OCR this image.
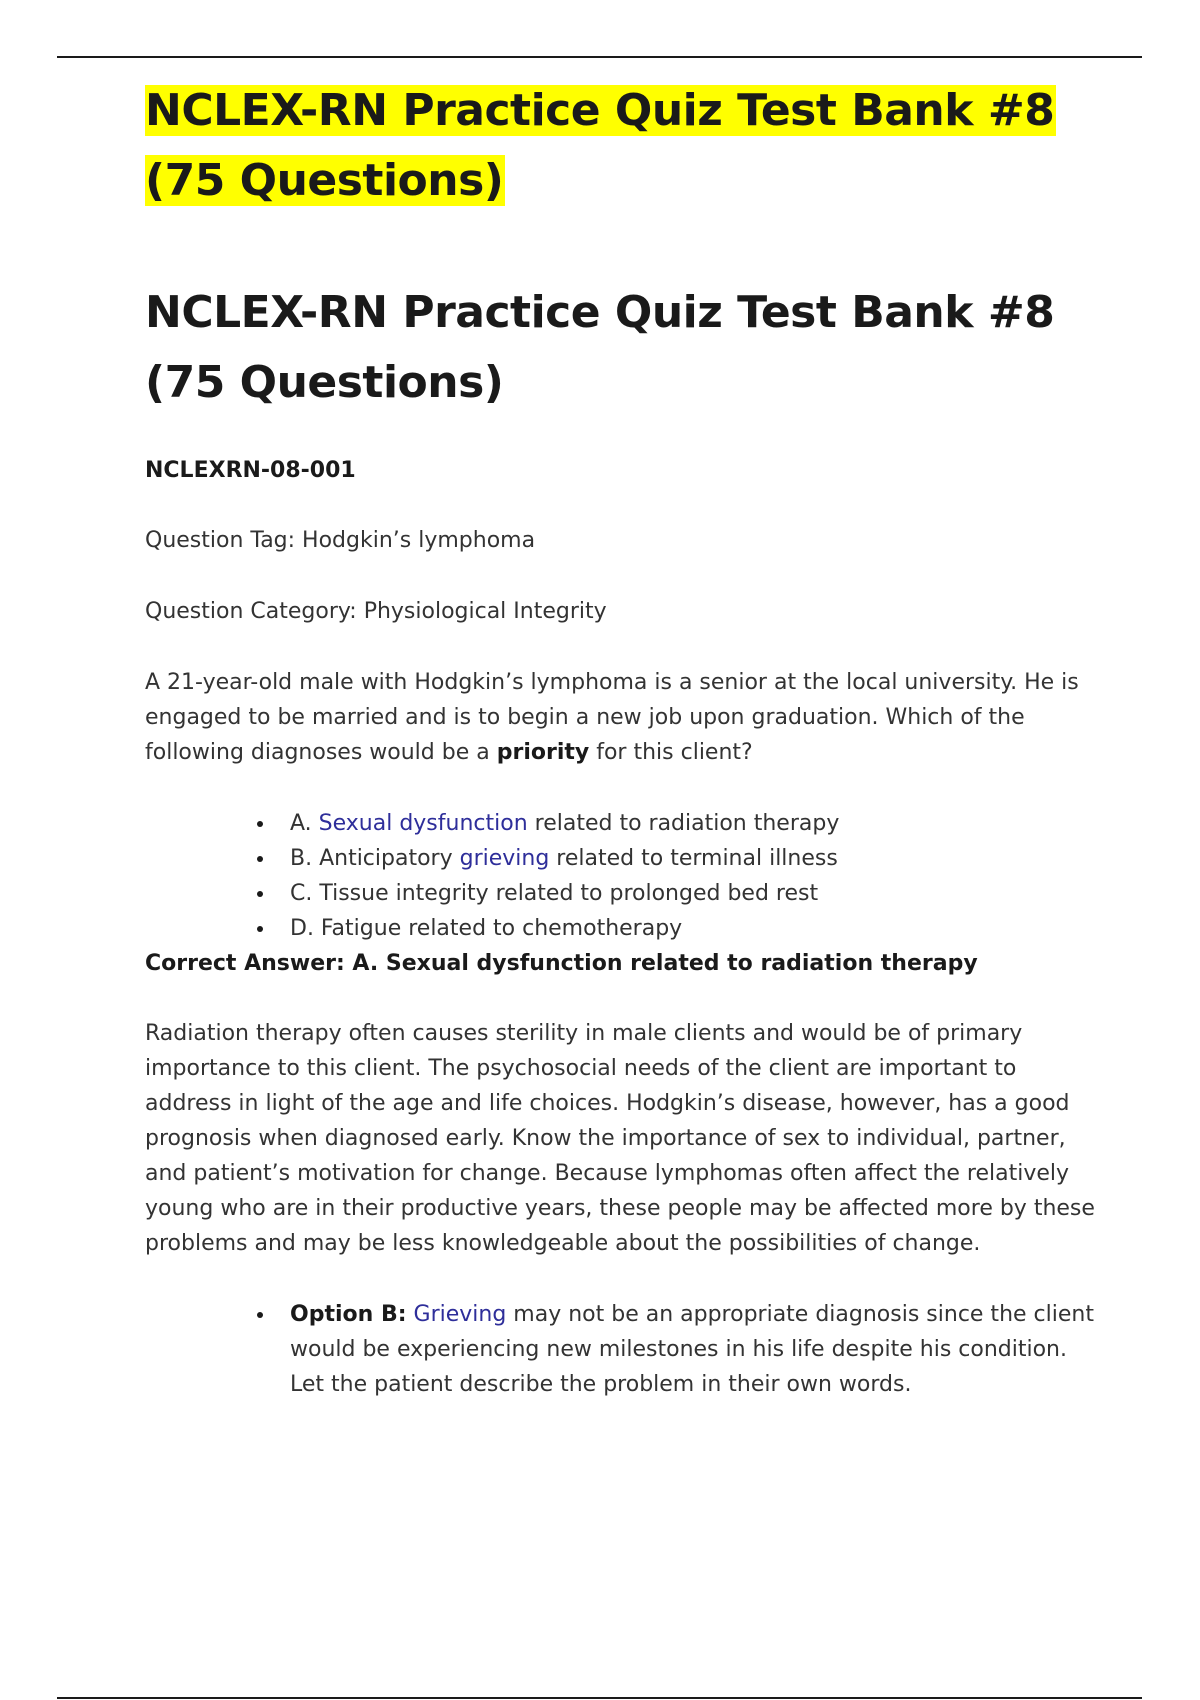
NCLEX-RN Practice Quiz Test Bank #8
(75 Questions)
NCLEX-RN Practice Quiz Test Bank #8
(75 Questions)
NCLEXRN-08-001

Question Tag: Hodgkin’s lymphoma

Question Category: Physiological Integrity

A 21-year-old male with Hodgkin’s lymphoma is a senior at the local university. He is engaged to be married and is to begin a new job upon graduation. Which of the following diagnoses would be a priority for this client?

A. Sexual dysfunction related to radiation therapy
B. Anticipatory grieving related to terminal illness
C. Tissue integrity related to prolonged bed rest
D. Fatigue related to chemotherapy

Correct Answer: A. Sexual dysfunction related to radiation therapy

Radiation therapy often causes sterility in male clients and would be of primary importance to this client. The psychosocial needs of the client are important to address in light of the age and life choices. Hodgkin’s disease, however, has a good prognosis when diagnosed early. Know the importance of sex to individual, partner, and patient’s motivation for change. Because lymphomas often affect the relatively young who are in their productive years, these people may be affected more by these problems and may be less knowledgeable about the possibilities of change.

Option B: Grieving may not be an appropriate diagnosis since the client would be experiencing new milestones in his life despite his condition. Let the patient describe the problem in their own words.
